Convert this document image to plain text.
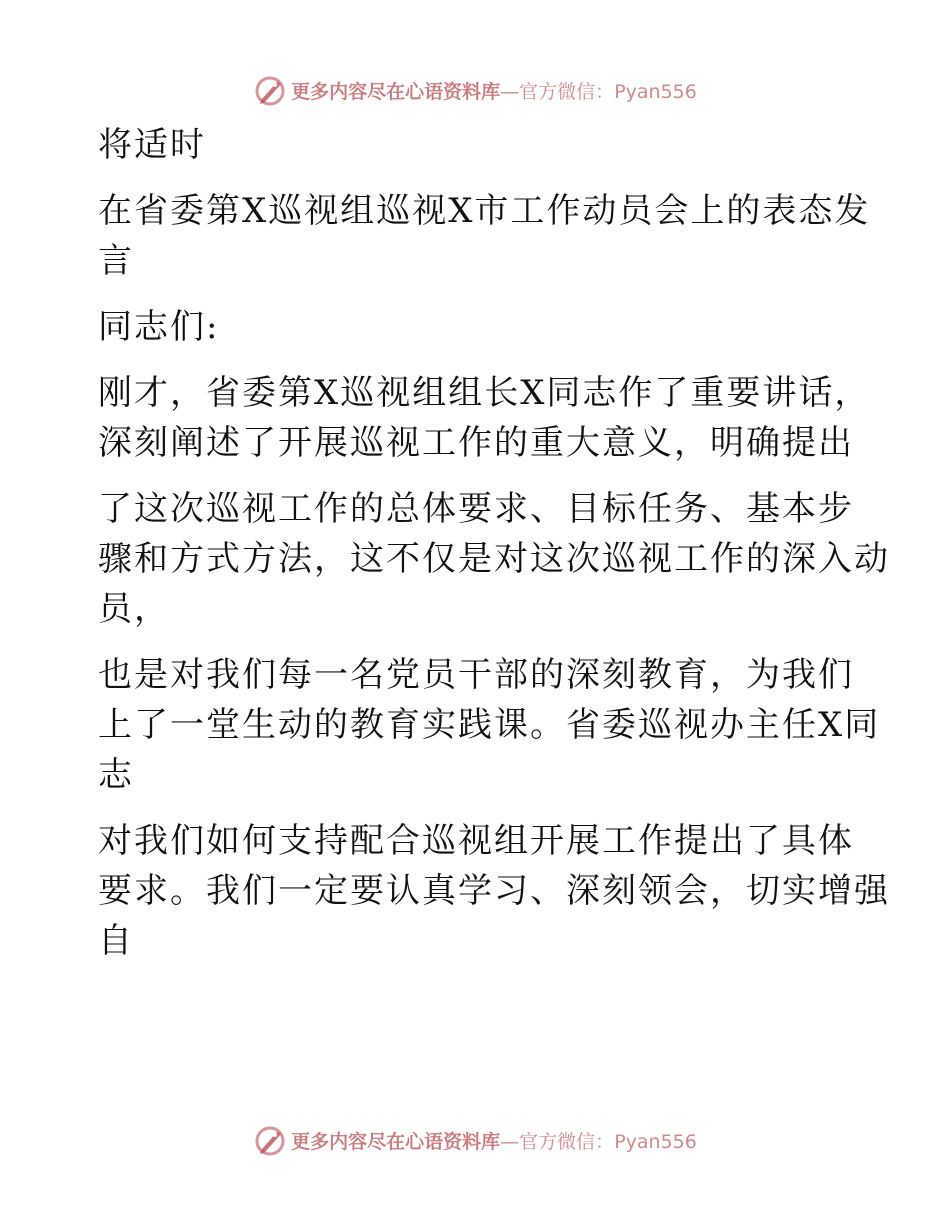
更多内容尽在心语资料库—官方微信：Pyan556
将适时
在省委第X巡视组巡视X市工作动员会上的表态发
言
同志们:
刚才，省委第X巡视组组长X同志作了重要讲话，
深刻阐述了开展巡视工作的重大意义，明确提出
了这次巡视工作的总体要求、目标任务、基本步
骤和方式方法，这不仅是对这次巡视工作的深入动
员，
也是对我们每一名党员干部的深刻教育，为我们
上了一堂生动的教育实践课。省委巡视办主任X同
志
对我们如何支持配合巡视组开展工作提出了具体
要求。我们一定要认真学习、深刻领会，切实增强
自
更多内容尽在心语资料库—官方微信：Pyan556
